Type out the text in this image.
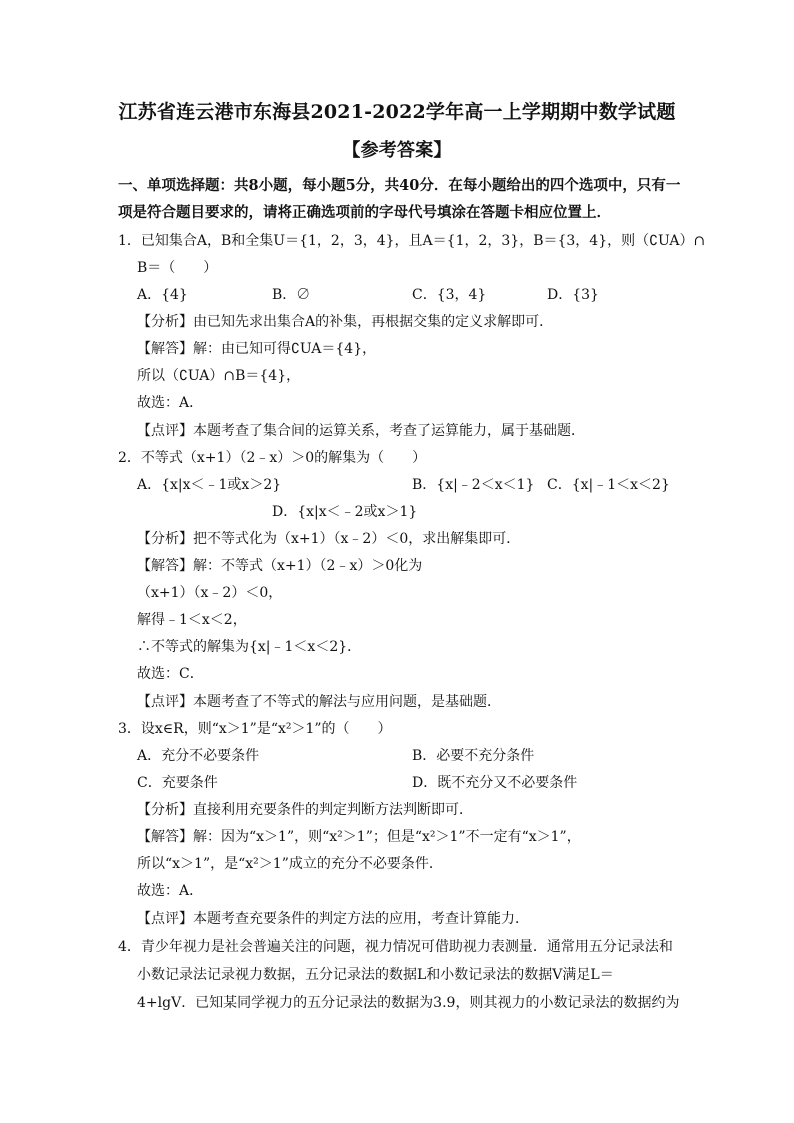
江苏省连云港市东海县2021-2022学年高一上学期期中数学试题
【参考答案】
一、单项选择题：共8小题，每小题5分，共40分．在每小题给出的四个选项中，只有一
项是符合题目要求的，请将正确选项前的字母代号填涂在答题卡相应位置上．
1．已知集合A，B和全集U＝{1，2，3，4}，且A＝{1，2，3}，B＝{3，4}，则（∁UA）∩
B＝（　　）
A．{4}	B．∅	C．{3，4}	D．{3}
【分析】由已知先求出集合A的补集，再根据交集的定义求解即可．
【解答】解：由已知可得∁UA＝{4}，
所以（∁UA）∩B＝{4}，
故选：A．
【点评】本题考查了集合间的运算关系，考查了运算能力，属于基础题．
2．不等式（x+1）（2﹣x）＞0的解集为（　　）
A．{x|x＜﹣1或x＞2}	B．{x|﹣2＜x＜1} C．{x|﹣1＜x＜2}
D．{x|x＜﹣2或x＞1}
【分析】把不等式化为（x+1）（x﹣2）＜0，求出解集即可．
【解答】解：不等式（x+1）（2﹣x）＞0化为
（x+1）（x﹣2）＜0，
解得﹣1＜x＜2，
∴不等式的解集为{x|﹣1＜x＜2}．
故选：C．
【点评】本题考查了不等式的解法与应用问题，是基础题．
3．设x∈R，则“x＞1”是“x²＞1”的（　　）
A．充分不必要条件	B．必要不充分条件
C．充要条件	D．既不充分又不必要条件
【分析】直接利用充要条件的判定判断方法判断即可．
【解答】解：因为“x＞1”，则“x²＞1”；但是“x²＞1”不一定有“x＞1”，
所以“x＞1”，是“x²＞1”成立的充分不必要条件．
故选：A．
【点评】本题考查充要条件的判定方法的应用，考查计算能力．
4．青少年视力是社会普遍关注的问题，视力情况可借助视力表测量．通常用五分记录法和
小数记录法记录视力数据，五分记录法的数据L和小数记录法的数据V满足L＝
4+lgV．已知某同学视力的五分记录法的数据为3.9，则其视力的小数记录法的数据约为
